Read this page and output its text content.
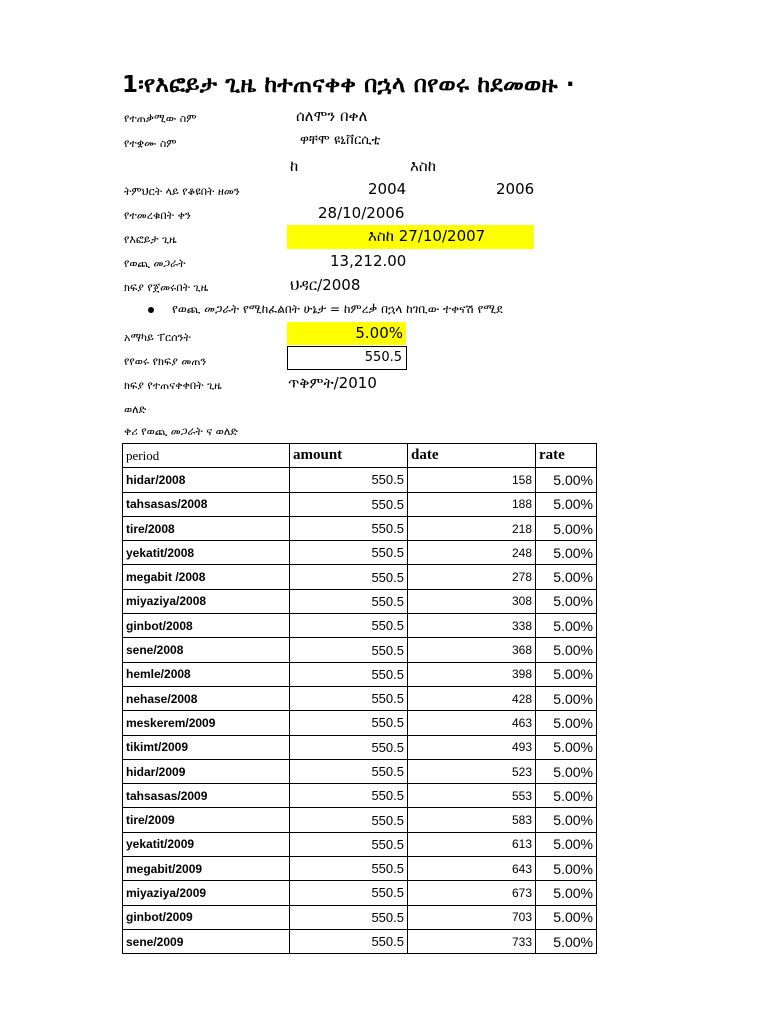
1፡የእፎይታ ጊዜ ከተጠናቀቀ በኋላ በየወሩ ከደመወዙ ·
የተጠቃሚው ስም	ሰለሞን በቀለ
የተቋሙ ስም	ዋቸሞ ዩኒቨርሲቲ
ከ	እስከ
ትምህርት ላይ የቆዩበት ዘመን	2004	2006
የተመረቁበት ቀን	28/10/2006
የእፎይታ ጊዜ	እስከ 27/10/2007
የወጪ መጋራት	13,212.00
ክፍያ የጀመሩበት ጊዜ	ህዳር/2008
የወጪ መጋራት የሚከፈልበት ሁኔታ = ከምረቃ በኋላ ከገቢው ተቀናሽ የሚደ
አማካይ ፐርሰንት	5.00%
የየወሩ የክፍያ መጠን	550.5
ክፍያ የተጠናቀቀበት ጊዜ	ጥቅምት/2010
ወለድ
ቀሪ የወጪ መጋራት ና ወለድ
period	amount	date	rate
hidar/2008	550.5	158	5.00%
tahsasas/2008	550.5	188	5.00%
tire/2008	550.5	218	5.00%
yekatit/2008	550.5	248	5.00%
megabit /2008	550.5	278	5.00%
miyaziya/2008	550.5	308	5.00%
ginbot/2008	550.5	338	5.00%
sene/2008	550.5	368	5.00%
hemle/2008	550.5	398	5.00%
nehase/2008	550.5	428	5.00%
meskerem/2009	550.5	463	5.00%
tikimt/2009	550.5	493	5.00%
hidar/2009	550.5	523	5.00%
tahsasas/2009	550.5	553	5.00%
tire/2009	550.5	583	5.00%
yekatit/2009	550.5	613	5.00%
megabit/2009	550.5	643	5.00%
miyaziya/2009	550.5	673	5.00%
ginbot/2009	550.5	703	5.00%
sene/2009	550.5	733	5.00%
